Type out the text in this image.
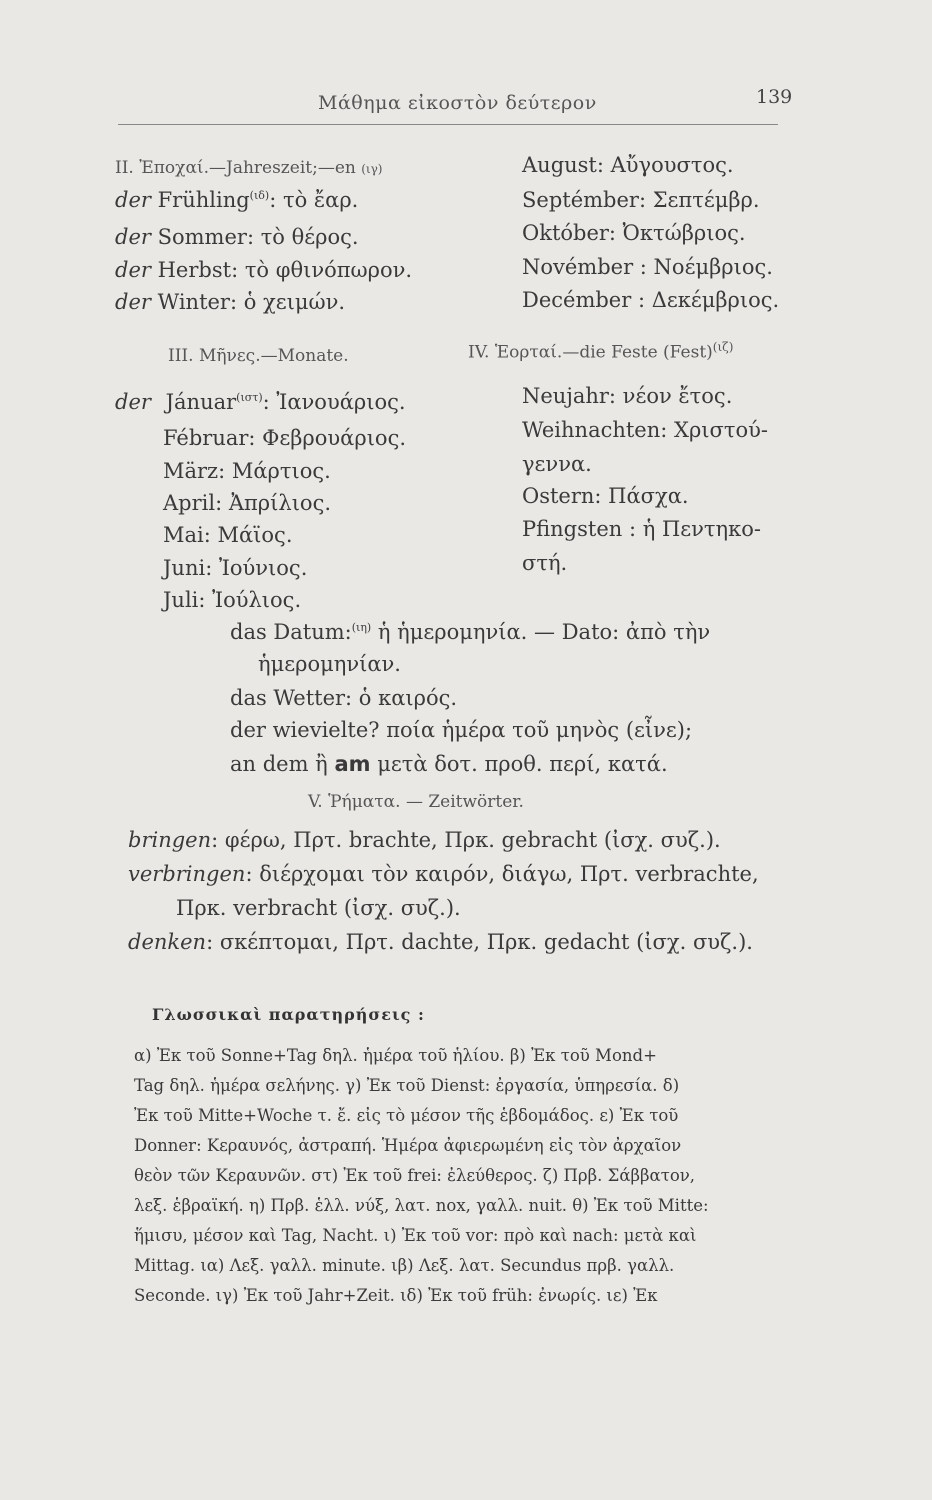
Μάθημα εἰκοστὸν δεύτερον	139
II. Ἐποχαί.—Jahreszeit;—en (ιγ)
der Frühling$^{(\iota\delta)}$: τὸ ἔαρ.
der Sommer: τὸ θέρος.
der Herbst: τὸ φθινόπωρον.
der Winter: ὁ χειμών.
III. Μῆνες.—Monate.
der Jánuar$^{(\iota\sigma\tau)}$: Ἰανουάριος.
Fébruar: Φεβρουάριος.
März: Μάρτιος.
April: Ἀπρίλιος.
Mai: Μάϊος.
Juni: Ἰούνιος.
Juli: Ἰούλιος.
August: Αὔγουστος.
Septémber: Σεπτέμβρ.
Október: Ὀκτώβριος.
Novémber : Νοέμβριος.
Decémber : Δεκέμβριος.
IV. Ἑορταί.—die Feste (Fest)$^{(\iota\zeta)}$
Neujahr: νέον ἔτος.
Weihnachten: Χριστού-
γεννα.
Ostern: Πάσχα.
Pfingsten : ἡ Πεντηκο-
στή.
das Datum:$^{(\iota\eta)}$ ἡ ἡμερομηνία. — Dato: ἀπὸ τὴν
ἡμερομηνίαν.
das Wetter: ὁ καιρός.
der wievielte? ποία ἡμέρα τοῦ μηνὸς (εἶνε);
an dem ἢ am μετὰ δοτ. προθ. περί, κατά.
V. Ῥήματα. — Zeitwörter.
bringen: φέρω, Πρτ. brachte, Πρκ. gebracht (ἰσχ. συζ.).
verbringen: διέρχομαι τὸν καιρόν, διάγω, Πρτ. verbrachte,
Πρκ. verbracht (ἰσχ. συζ.).
denken: σκέπτομαι, Πρτ. dachte, Πρκ. gedacht (ἰσχ. συζ.).
Γλωσσικαὶ παρατηρήσεις :
α) Ἐκ τοῦ Sonne+Tag δηλ. ἡμέρα τοῦ ἡλίου. β) Ἐκ τοῦ Mond+
Tag δηλ. ἡμέρα σελήνης. γ) Ἐκ τοῦ Dienst: ἐργασία, ὑπηρεσία. δ)
Ἐκ τοῦ Mitte+Woche τ. ἔ. εἰς τὸ μέσον τῆς ἑβδομάδος. ε) Ἐκ τοῦ
Donner: Κεραυνός, ἀστραπή. Ἡμέρα ἀφιερωμένη εἰς τὸν ἀρχαῖον
θεὸν τῶν Κεραυνῶν. στ) Ἐκ τοῦ frei: ἐλεύθερος. ζ) Πρβ. Σάββατον,
λεξ. ἑβραϊκή. η) Πρβ. ἑλλ. νύξ, λατ. nox, γαλλ. nuit. θ) Ἐκ τοῦ Mitte:
ἥμισυ, μέσον καὶ Tag, Nacht. ι) Ἐκ τοῦ vor: πρὸ καὶ nach: μετὰ καὶ
Mittag. ια) Λεξ. γαλλ. minute. ιβ) Λεξ. λατ. Secundus πρβ. γαλλ.
Seconde. ιγ) Ἐκ τοῦ Jahr+Zeit. ιδ) Ἐκ τοῦ früh: ἐνωρίς. ιε) Ἐκ
